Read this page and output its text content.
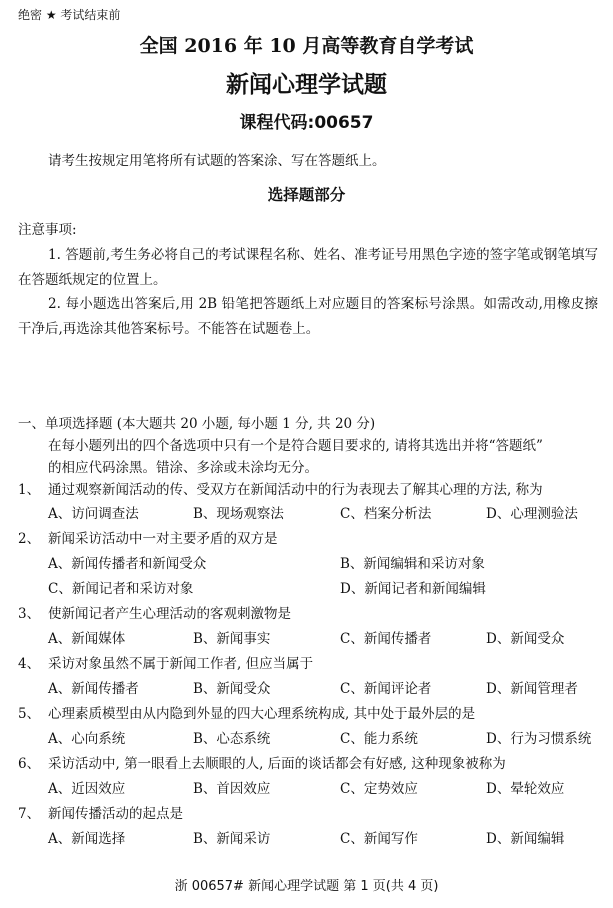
绝密 ★ 考试结束前
全国 2016 年 10 月高等教育自学考试
新闻心理学试题
课程代码:00657
请考生按规定用笔将所有试题的答案涂、写在答题纸上。
选择题部分
注意事项:
1. 答题前,考生务必将自己的考试课程名称、姓名、准考证号用黑色字迹的签字笔或钢笔填写在答题纸规定的位置上。
2. 每小题选出答案后,用 2B 铅笔把答题纸上对应题目的答案标号涂黑。如需改动,用橡皮擦干净后,再选涂其他答案标号。不能答在试题卷上。
一、单项选择题 (本大题共 20 小题, 每小题 1 分, 共 20 分)
在每小题列出的四个备选项中只有一个是符合题目要求的, 请将其选出并将“答题纸”
的相应代码涂黑。错涂、多涂或未涂均无分。
1、 通过观察新闻活动的传、受双方在新闻活动中的行为表现去了解其心理的方法, 称为
A、访问调查法	B、现场观察法	C、档案分析法	D、心理测验法
2、 新闻采访活动中一对主要矛盾的双方是
A、新闻传播者和新闻受众	B、新闻编辑和采访对象
C、新闻记者和采访对象	D、新闻记者和新闻编辑
3、 使新闻记者产生心理活动的客观刺激物是
A、新闻媒体	B、新闻事实	C、新闻传播者	D、新闻受众
4、 采访对象虽然不属于新闻工作者, 但应当属于
A、新闻传播者	B、新闻受众	C、新闻评论者	D、新闻管理者
5、 心理素质模型由从内隐到外显的四大心理系统构成, 其中处于最外层的是
A、心向系统	B、心态系统	C、能力系统	D、行为习惯系统
6、 采访活动中, 第一眼看上去顺眼的人, 后面的谈话都会有好感, 这种现象被称为
A、近因效应	B、首因效应	C、定势效应	D、晕轮效应
7、 新闻传播活动的起点是
A、新闻选择	B、新闻采访	C、新闻写作	D、新闻编辑
浙 00657# 新闻心理学试题 第 1 页(共 4 页)
